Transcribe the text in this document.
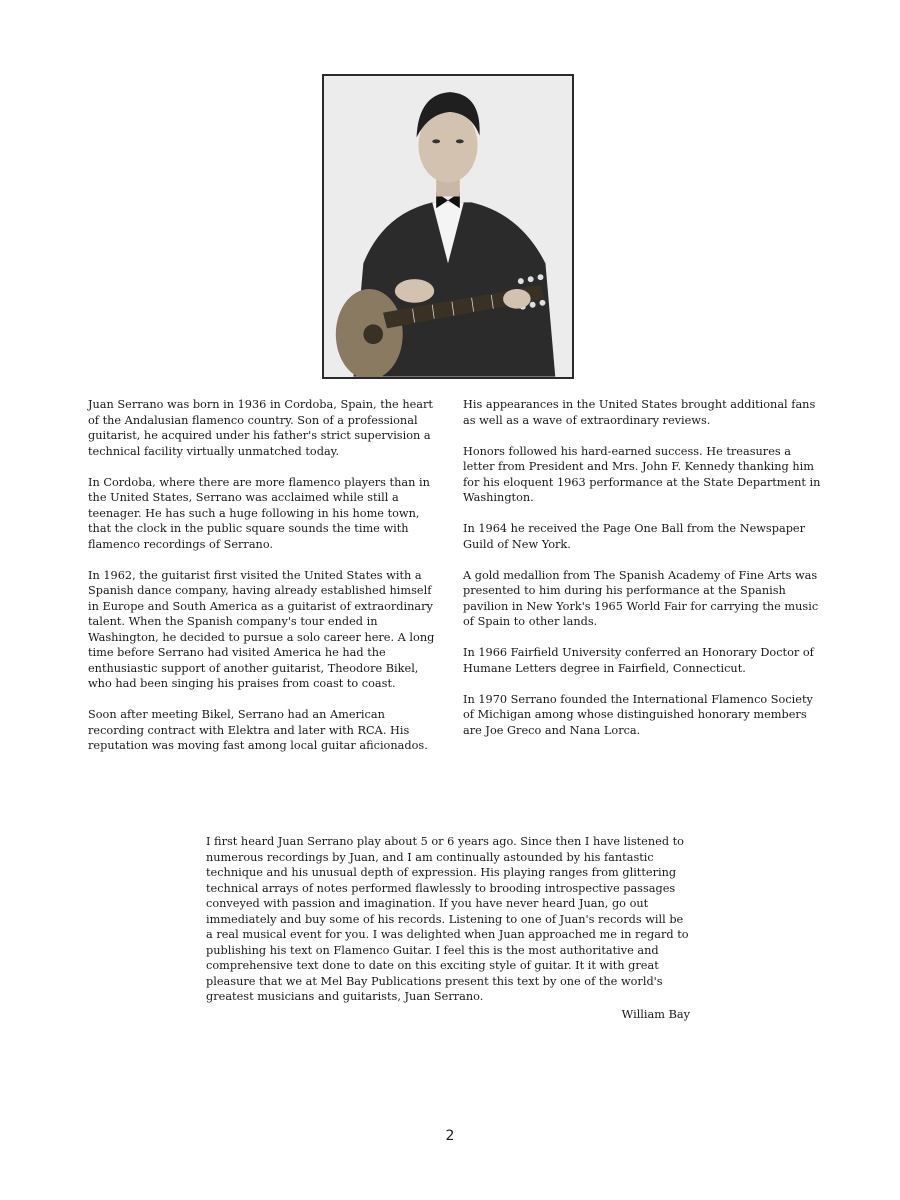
Juan Serrano was born in 1936 in Cordoba, Spain, the heart of the Andalusian flamenco country. Son of a professional guitarist, he acquired under his father's strict supervision a technical facility virtually unmatched today.

In Cordoba, where there are more flamenco players than in the United States, Serrano was acclaimed while still a teenager. He has such a huge following in his home town, that the clock in the public square sounds the time with flamenco recordings of Serrano.

In 1962, the guitarist first visited the United States with a Spanish dance company, having already established himself in Europe and South America as a guitarist of extraordinary talent. When the Spanish company's tour ended in Washington, he decided to pursue a solo career here. A long time before Serrano had visited America he had the enthusiastic support of another guitarist, Theodore Bikel, who had been singing his praises from coast to coast.

Soon after meeting Bikel, Serrano had an American recording contract with Elektra and later with RCA. His reputation was moving fast among local guitar aficionados.

His appearances in the United States brought additional fans as well as a wave of extraordinary reviews.

Honors followed his hard-earned success. He treasures a letter from President and Mrs. John F. Kennedy thanking him for his eloquent 1963 performance at the State Department in Washington.

In 1964 he received the Page One Ball from the Newspaper Guild of New York.

A gold medallion from The Spanish Academy of Fine Arts was presented to him during his performance at the Spanish pavilion in New York's 1965 World Fair for carrying the music of Spain to other lands.

In 1966 Fairfield University conferred an Honorary Doctor of Humane Letters degree in Fairfield, Connecticut.

In 1970 Serrano founded the International Flamenco Society of Michigan among whose distinguished honorary members are Joe Greco and Nana Lorca.

I first heard Juan Serrano play about 5 or 6 years ago. Since then I have listened to numerous recordings by Juan, and I am continually astounded by his fantastic technique and his unusual depth of expression. His playing ranges from glittering technical arrays of notes performed flawlessly to brooding introspective passages conveyed with passion and imagination. If you have never heard Juan, go out immediately and buy some of his records. Listening to one of Juan's records will be a real musical event for you. I was delighted when Juan approached me in regard to publishing his text on Flamenco Guitar. I feel this is the most authoritative and comprehensive text done to date on this exciting style of guitar. It it with great pleasure that we at Mel Bay Publications present this text by one of the world's greatest musicians and guitarists, Juan Serrano.

William Bay
2
